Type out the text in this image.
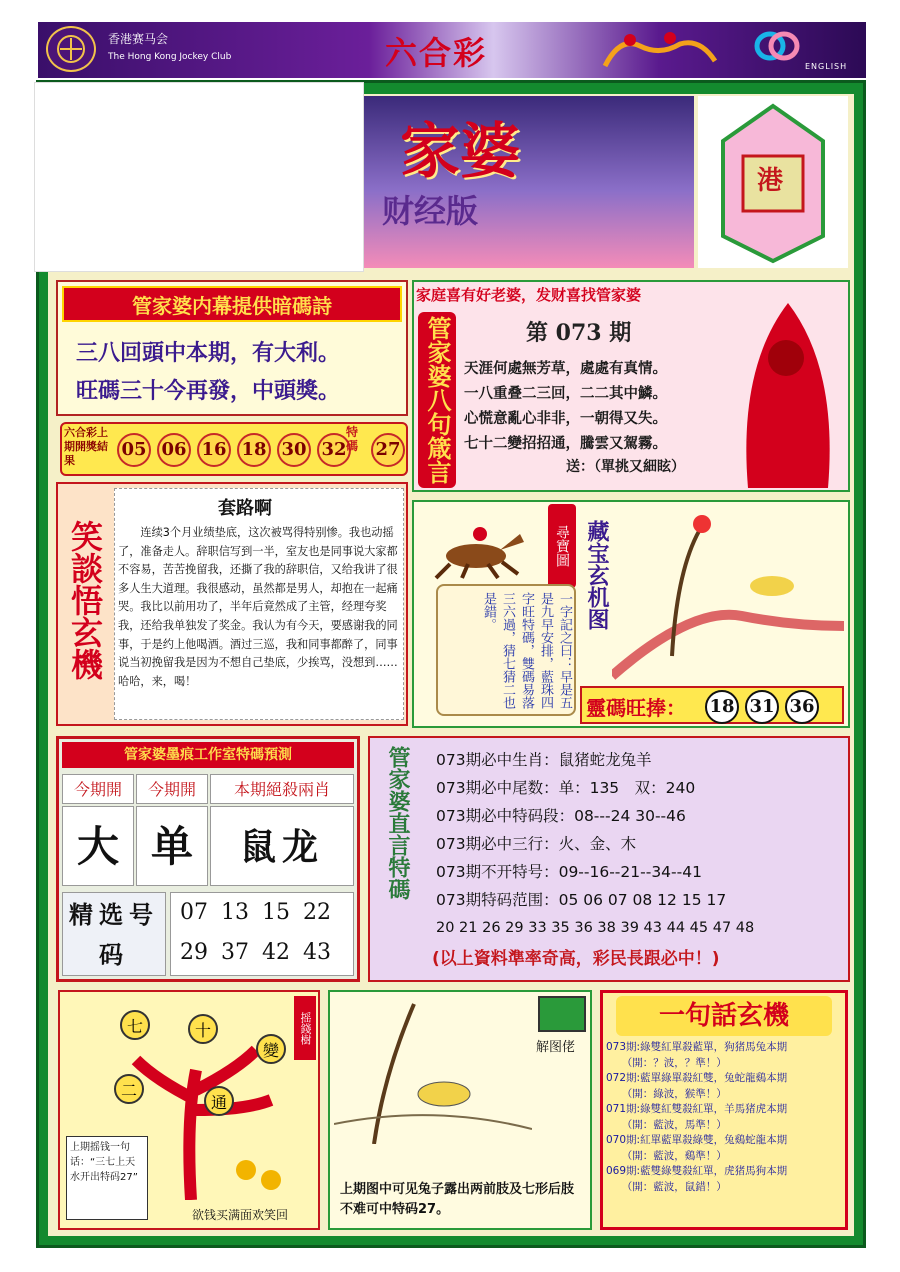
香港赛马会
The Hong Kong Jockey Club	六合彩	ENGLISH
家婆
财经版
港
管家婆内幕提供暗碼詩
三八回頭中本期，有大利。
旺碼三十今再發，中頭獎。
六合彩上期開獎結果
05 06 16 18 30 32
特碼 27
家庭喜有好老婆，发财喜找管家婆
管家婆八句箴言	第 073 期

天涯何處無芳草，處處有真情。

一八重叠二三回，二二其中鱗。

心慌意亂心非非，一朝得又失。

七十二變招招通，騰雲又駕霧。

送：（單挑又細眩）
笑談悟玄機
套路啊
连续3个月业绩垫底，这次被骂得特别惨。我也动摇了，准备走人。辞职信写到一半，室友也是同事说大家都不容易，苦苦挽留我，还撕了我的辞职信，又给我讲了很多人生大道理。我很感动，虽然都是男人，却抱在一起痛哭。我比以前用功了，半年后竟然成了主管，经理夸奖我，还给我单独发了奖金。我认为有今天，要感谢我的同事，于是约上他喝酒。酒过三巡，我和同事都醉了，同事说当初挽留我是因为不想自己垫底，少挨骂，没想到……哈哈，来，喝！
尋寶圖
一字記之曰：早是五是九早安排，藍珠四字旺特碼，雙碼易落三六過，猜七猜二也是錯。	藏宝玄机图
靈碼旺捧：	18 31 36
管家婆墨痕工作室特碼預測
今期開	今期開	本期絕殺兩肖
大 单	鼠龙
精选号码
07 13 15 22
29 37 42 43
管家婆直言特碼	073期必中生肖：鼠猪蛇龙兔羊
073期必中尾数：单：135　双：240
073期必中特码段：08---24 30--46
073期必中三行：火、金、木
073期不开特号：09--16--21--34--41
073期特码范围：05 06 07 08 12 15 17
20 21 26 29 33 35 36 38 39 43 44 45 47 48
(以上資料準率奇高，彩民長跟必中！)
摇錢樹
七	十
二
通
變
上期摇钱一句话：“三七上天水开出特码27”
欲钱买满面欢笑回
解图佬
上期图中可见兔子露出两前肢及七形后肢不难可中特码27。
一句話玄機
073期:綠雙紅單殺藍單，狗猪馬兔本期
　　（開：？波，？準！）
072期:藍單綠單殺紅雙，兔蛇龍鷄本期
　　（開：綠波，猴準！）
071期:綠雙紅雙殺紅單，羊馬猪虎本期
　　（開：藍波，馬準！）
070期:紅單藍單殺綠雙，兔鷄蛇龍本期
　　（開：藍波，鷄準！）
069期:藍雙綠雙殺紅單，虎猪馬狗本期
　　（開：藍波，鼠錯！）
